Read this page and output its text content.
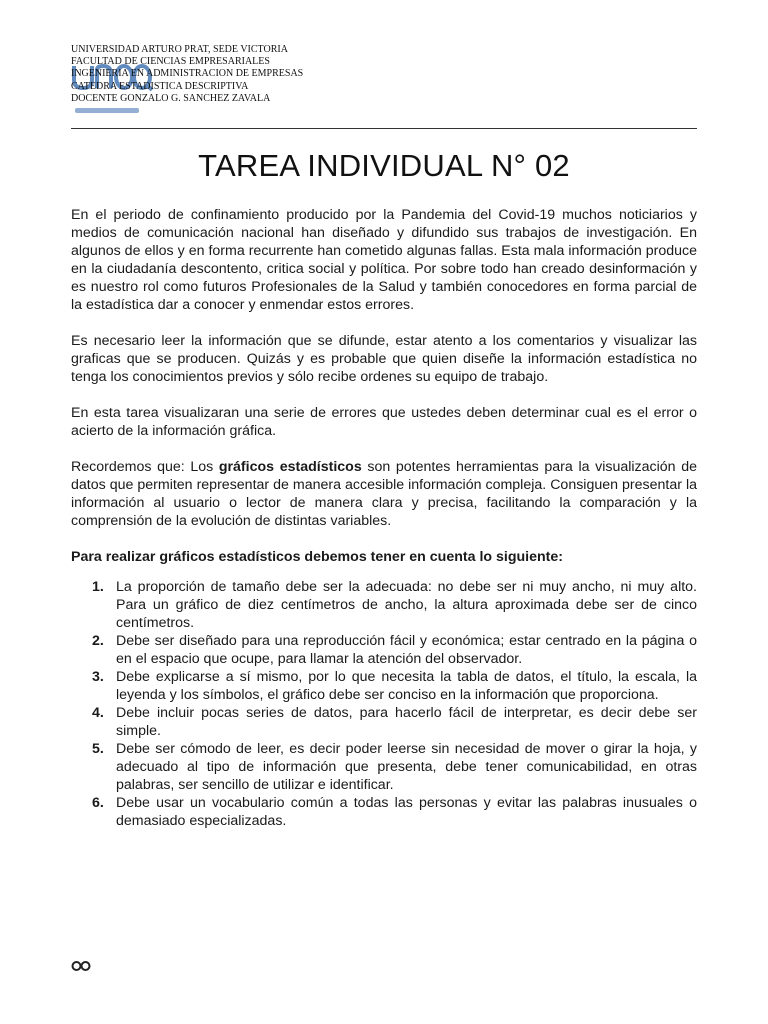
UNIVERSIDAD ARTURO PRAT, SEDE VICTORIA
FACULTAD DE CIENCIAS EMPRESARIALES
INGENIERIA EN ADMINISTRACION DE EMPRESAS
CATEDRA ESTADISTICA DESCRIPTIVA
DOCENTE GONZALO G. SANCHEZ ZAVALA
TAREA INDIVIDUAL N° 02

En el periodo de confinamiento producido por la Pandemia del Covid-19 muchos noticiarios y medios de comunicación nacional han diseñado y difundido sus trabajos de investigación. En algunos de ellos y en forma recurrente han cometido algunas fallas. Esta mala información produce en la ciudadanía descontento, critica social y política. Por sobre todo han creado desinformación y es nuestro rol como futuros Profesionales de la Salud y también conocedores en forma parcial de la estadística dar a conocer y enmendar estos errores.

Es necesario leer la información que se difunde, estar atento a los comentarios y visualizar las graficas que se producen. Quizás y es probable que quien diseñe la información estadística no tenga los conocimientos previos y sólo recibe ordenes su equipo de trabajo.

En esta tarea visualizaran una serie de errores que ustedes deben determinar cual es el error o acierto de la información gráfica.

Recordemos que: Los gráficos estadísticos son potentes herramientas para la visualización de datos que permiten representar de manera accesible información compleja. Consiguen presentar la información al usuario o lector de manera clara y precisa, facilitando la comparación y la comprensión de la evolución de distintas variables.

Para realizar gráficos estadísticos debemos tener en cuenta lo siguiente:

1. La proporción de tamaño debe ser la adecuada: no debe ser ni muy ancho, ni muy alto. Para un gráfico de diez centímetros de ancho, la altura aproximada debe ser de cinco centímetros.
2. Debe ser diseñado para una reproducción fácil y económica; estar centrado en la página o en el espacio que ocupe, para llamar la atención del observador.
3. Debe explicarse a sí mismo, por lo que necesita la tabla de datos, el título, la escala, la leyenda y los símbolos, el gráfico debe ser conciso en la información que proporciona.
4. Debe incluir pocas series de datos, para hacerlo fácil de interpretar, es decir debe ser simple.
5. Debe ser cómodo de leer, es decir poder leerse sin necesidad de mover o girar la hoja, y adecuado al tipo de información que presenta, debe tener comunicabilidad, en otras palabras, ser sencillo de utilizar e identificar.
6. Debe usar un vocabulario común a todas las personas y evitar las palabras inusuales o demasiado especializadas.
